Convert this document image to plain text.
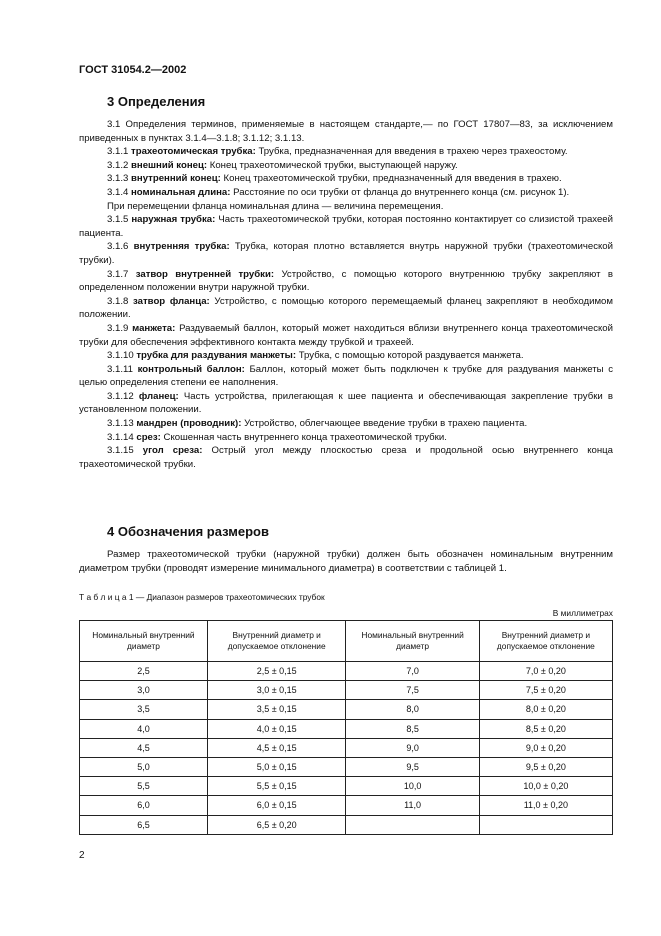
ГОСТ 31054.2—2002
3 Определения

3.1 Определения терминов, применяемые в настоящем стандарте,— по ГОСТ 17807—83, за исключением приведенных в пунктах 3.1.4—3.1.8; 3.1.12; 3.1.13.

3.1.1 трахеотомическая трубка: Трубка, предназначенная для введения в трахею через трахеостому.

3.1.2 внешний конец: Конец трахеотомической трубки, выступающей наружу.

3.1.3 внутренний конец: Конец трахеотомической трубки, предназначенный для введения в трахею.

3.1.4 номинальная длина: Расстояние по оси трубки от фланца до внутреннего конца (см. рисунок 1).

При перемещении фланца номинальная длина — величина перемещения.

3.1.5 наружная трубка: Часть трахеотомической трубки, которая постоянно контактирует со слизистой трахеей пациента.

3.1.6 внутренняя трубка: Трубка, которая плотно вставляется внутрь наружной трубки (трахеотомической трубки).

3.1.7 затвор внутренней трубки: Устройство, с помощью которого внутреннюю трубку закрепляют в определенном положении внутри наружной трубки.

3.1.8 затвор фланца: Устройство, с помощью которого перемещаемый фланец закрепляют в необходимом положении.

3.1.9 манжета: Раздуваемый баллон, который может находиться вблизи внутреннего конца трахеотомической трубки для обеспечения эффективного контакта между трубкой и трахеей.

3.1.10 трубка для раздувания манжеты: Трубка, с помощью которой раздувается манжета.

3.1.11 контрольный баллон: Баллон, который может быть подключен к трубке для раздувания манжеты с целью определения степени ее наполнения.

3.1.12 фланец: Часть устройства, прилегающая к шее пациента и обеспечивающая закрепление трубки в установленном положении.

3.1.13 мандрен (проводник): Устройство, облегчающее введение трубки в трахею пациента.

3.1.14 срез: Скошенная часть внутреннего конца трахеотомической трубки.

3.1.15 угол среза: Острый угол между плоскостью среза и продольной осью внутреннего конца трахеотомической трубки.

4 Обозначения размеров
Размер трахеотомической трубки (наружной трубки) должен быть обозначен номинальным внутренним диаметром трубки (проводят измерение минимального диаметра) в соответствии с таблицей 1.
Т а б л и ц а 1 — Диапазон размеров трахеотомических трубок
В миллиметрах
Номинальный внутренний диаметр	Внутренний диаметр и допускаемое отклонение	Номинальный внутренний диаметр	Внутренний диаметр и допускаемое отклонение
2,5	2,5 ± 0,15	7,0	7,0 ± 0,20
3,0	3,0 ± 0,15	7,5	7,5 ± 0,20
3,5	3,5 ± 0,15	8,0	8,0 ± 0,20
4,0	4,0 ± 0,15	8,5	8,5 ± 0,20
4,5	4,5 ± 0,15	9,0	9,0 ± 0,20
5,0	5,0 ± 0,15	9,5	9,5 ± 0,20
5,5	5,5 ± 0,15	10,0	10,0 ± 0,20
6,0	6,0 ± 0,15	11,0	11,0 ± 0,20
6,5	6,5 ± 0,20		
2
